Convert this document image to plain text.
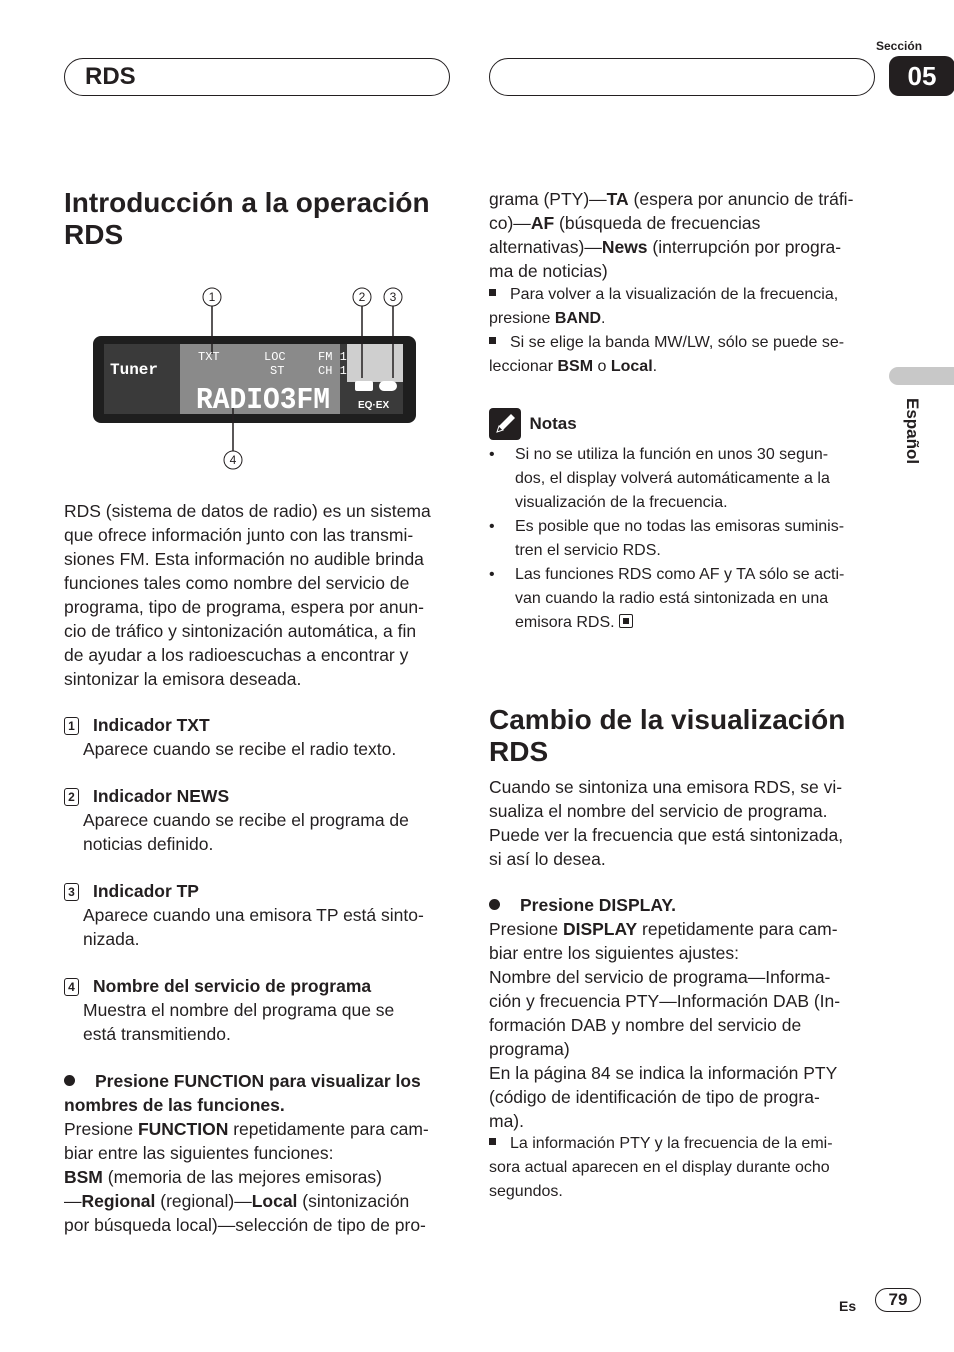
RDS
Sección
05
Español
Introducción a la operación RDS
1	2 3
4
Tuner
TXT	LOC
ST
FM 1
CH 1
RADIO3FM	EQ·EX
RDS (sistema de datos de radio) es un sistema
que ofrece información junto con las transmi-
siones FM. Esta información no audible brinda
funciones tales como nombre del servicio de
programa, tipo de programa, espera por anun-
cio de tráfico y sintonización automática, a fin
de ayudar a los radioescuchas a encontrar y
sintonizar la emisora deseada.
1 Indicador TXT
Aparece cuando se recibe el radio texto.
2 Indicador NEWS
Aparece cuando se recibe el programa de
noticias definido.
3 Indicador TP
Aparece cuando una emisora TP está sinto-
nizada.
4 Nombre del servicio de programa
Muestra el nombre del programa que se
está transmitiendo.
Presione FUNCTION para visualizar los
nombres de las funciones.
Presione FUNCTION repetidamente para cam-
biar entre las siguientes funciones:
BSM (memoria de las mejores emisoras)
—Regional (regional)—Local (sintonización
por búsqueda local)—selección de tipo de pro-
grama (PTY)—TA (espera por anuncio de tráfi-
co)—AF (búsqueda de frecuencias
alternativas)—News (interrupción por progra-
ma de noticias)
Para volver a la visualización de la frecuencia,
presione BAND.
Si se elige la banda MW/LW, sólo se puede se-
leccionar BSM o Local.
Notas
• Si no se utiliza la función en unos 30 segun-
dos, el display volverá automáticamente a la
visualización de la frecuencia.
• Es posible que no todas las emisoras suminis-
tren el servicio RDS.
• Las funciones RDS como AF y TA sólo se acti-
van cuando la radio está sintonizada en una
emisora RDS.
Cambio de la visualización RDS
Cuando se sintoniza una emisora RDS, se vi-
sualiza el nombre del servicio de programa.
Puede ver la frecuencia que está sintonizada,
si así lo desea.
Presione DISPLAY.
Presione DISPLAY repetidamente para cam-
biar entre los siguientes ajustes:
Nombre del servicio de programa—Informa-
ción y frecuencia PTY—Información DAB (In-
formación DAB y nombre del servicio de
programa)
En la página 84 se indica la información PTY
(código de identificación de tipo de progra-
ma).
La información PTY y la frecuencia de la emi-
sora actual aparecen en el display durante ocho
segundos.
Es	79
